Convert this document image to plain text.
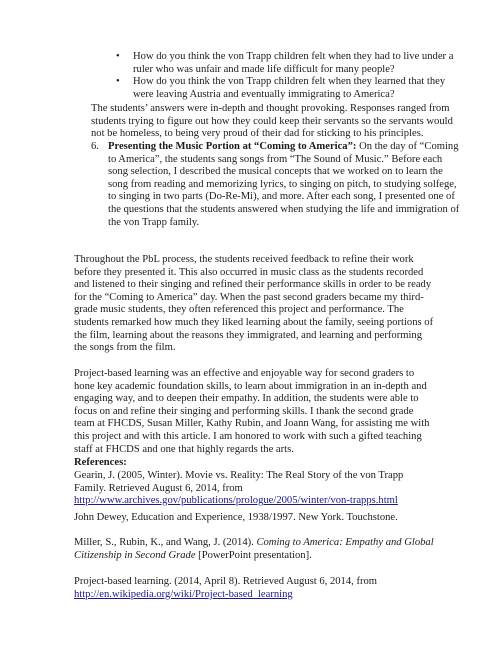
• How do you think the von Trapp children felt when they had to live under a ruler who was unfair and made life difficult for many people?
• How do you think the von Trapp children felt when they learned that they were leaving Austria and eventually immigrating to America?

The students’ answers were in-depth and thought provoking. Responses ranged from students trying to figure out how they could keep their servants so the servants would not be homeless, to being very proud of their dad for sticking to his principles.

6. Presenting the Music Portion at “Coming to America”: On the day of “Coming to America”, the students sang songs from “The Sound of Music.” Before each song selection, I described the musical concepts that we worked on to learn the song from reading and memorizing lyrics, to singing on pitch, to studying solfege, to singing in two parts (Do-Re-Mi), and more. After each song, I presented one of the questions that the students answered when studying the life and immigration of the von Trapp family.

Throughout the PbL process, the students received feedback to refine their work before they presented it. This also occurred in music class as the students recorded and listened to their singing and refined their performance skills in order to be ready for the “Coming to America” day. When the past second graders became my third-grade music students, they often referenced this project and performance. The students remarked how much they liked learning about the family, seeing portions of the film, learning about the reasons they immigrated, and learning and performing the songs from the film.

Project-based learning was an effective and enjoyable way for second graders to hone key academic foundation skills, to learn about immigration in an in-depth and engaging way, and to deepen their empathy. In addition, the students were able to focus on and refine their singing and performing skills. I thank the second grade team at FHCDS, Susan Miller, Kathy Rubin, and Joann Wang, for assisting me with this project and with this article. I am honored to work with such a gifted teaching staff at FHCDS and one that highly regards the arts.

References:

Gearin, J. (2005, Winter). Movie vs. Reality: The Real Story of the von Trapp Family. Retrieved August 6, 2014, from
http://www.archives.gov/publications/prologue/2005/winter/von-trapps.html

John Dewey, Education and Experience, 1938/1997. New York. Touchstone.

Miller, S., Rubin, K., and Wang, J. (2014). Coming to America: Empathy and Global Citizenship in Second Grade [PowerPoint presentation].

Project-based learning. (2014, April 8). Retrieved August 6, 2014, from
http://en.wikipedia.org/wiki/Project-based_learning
